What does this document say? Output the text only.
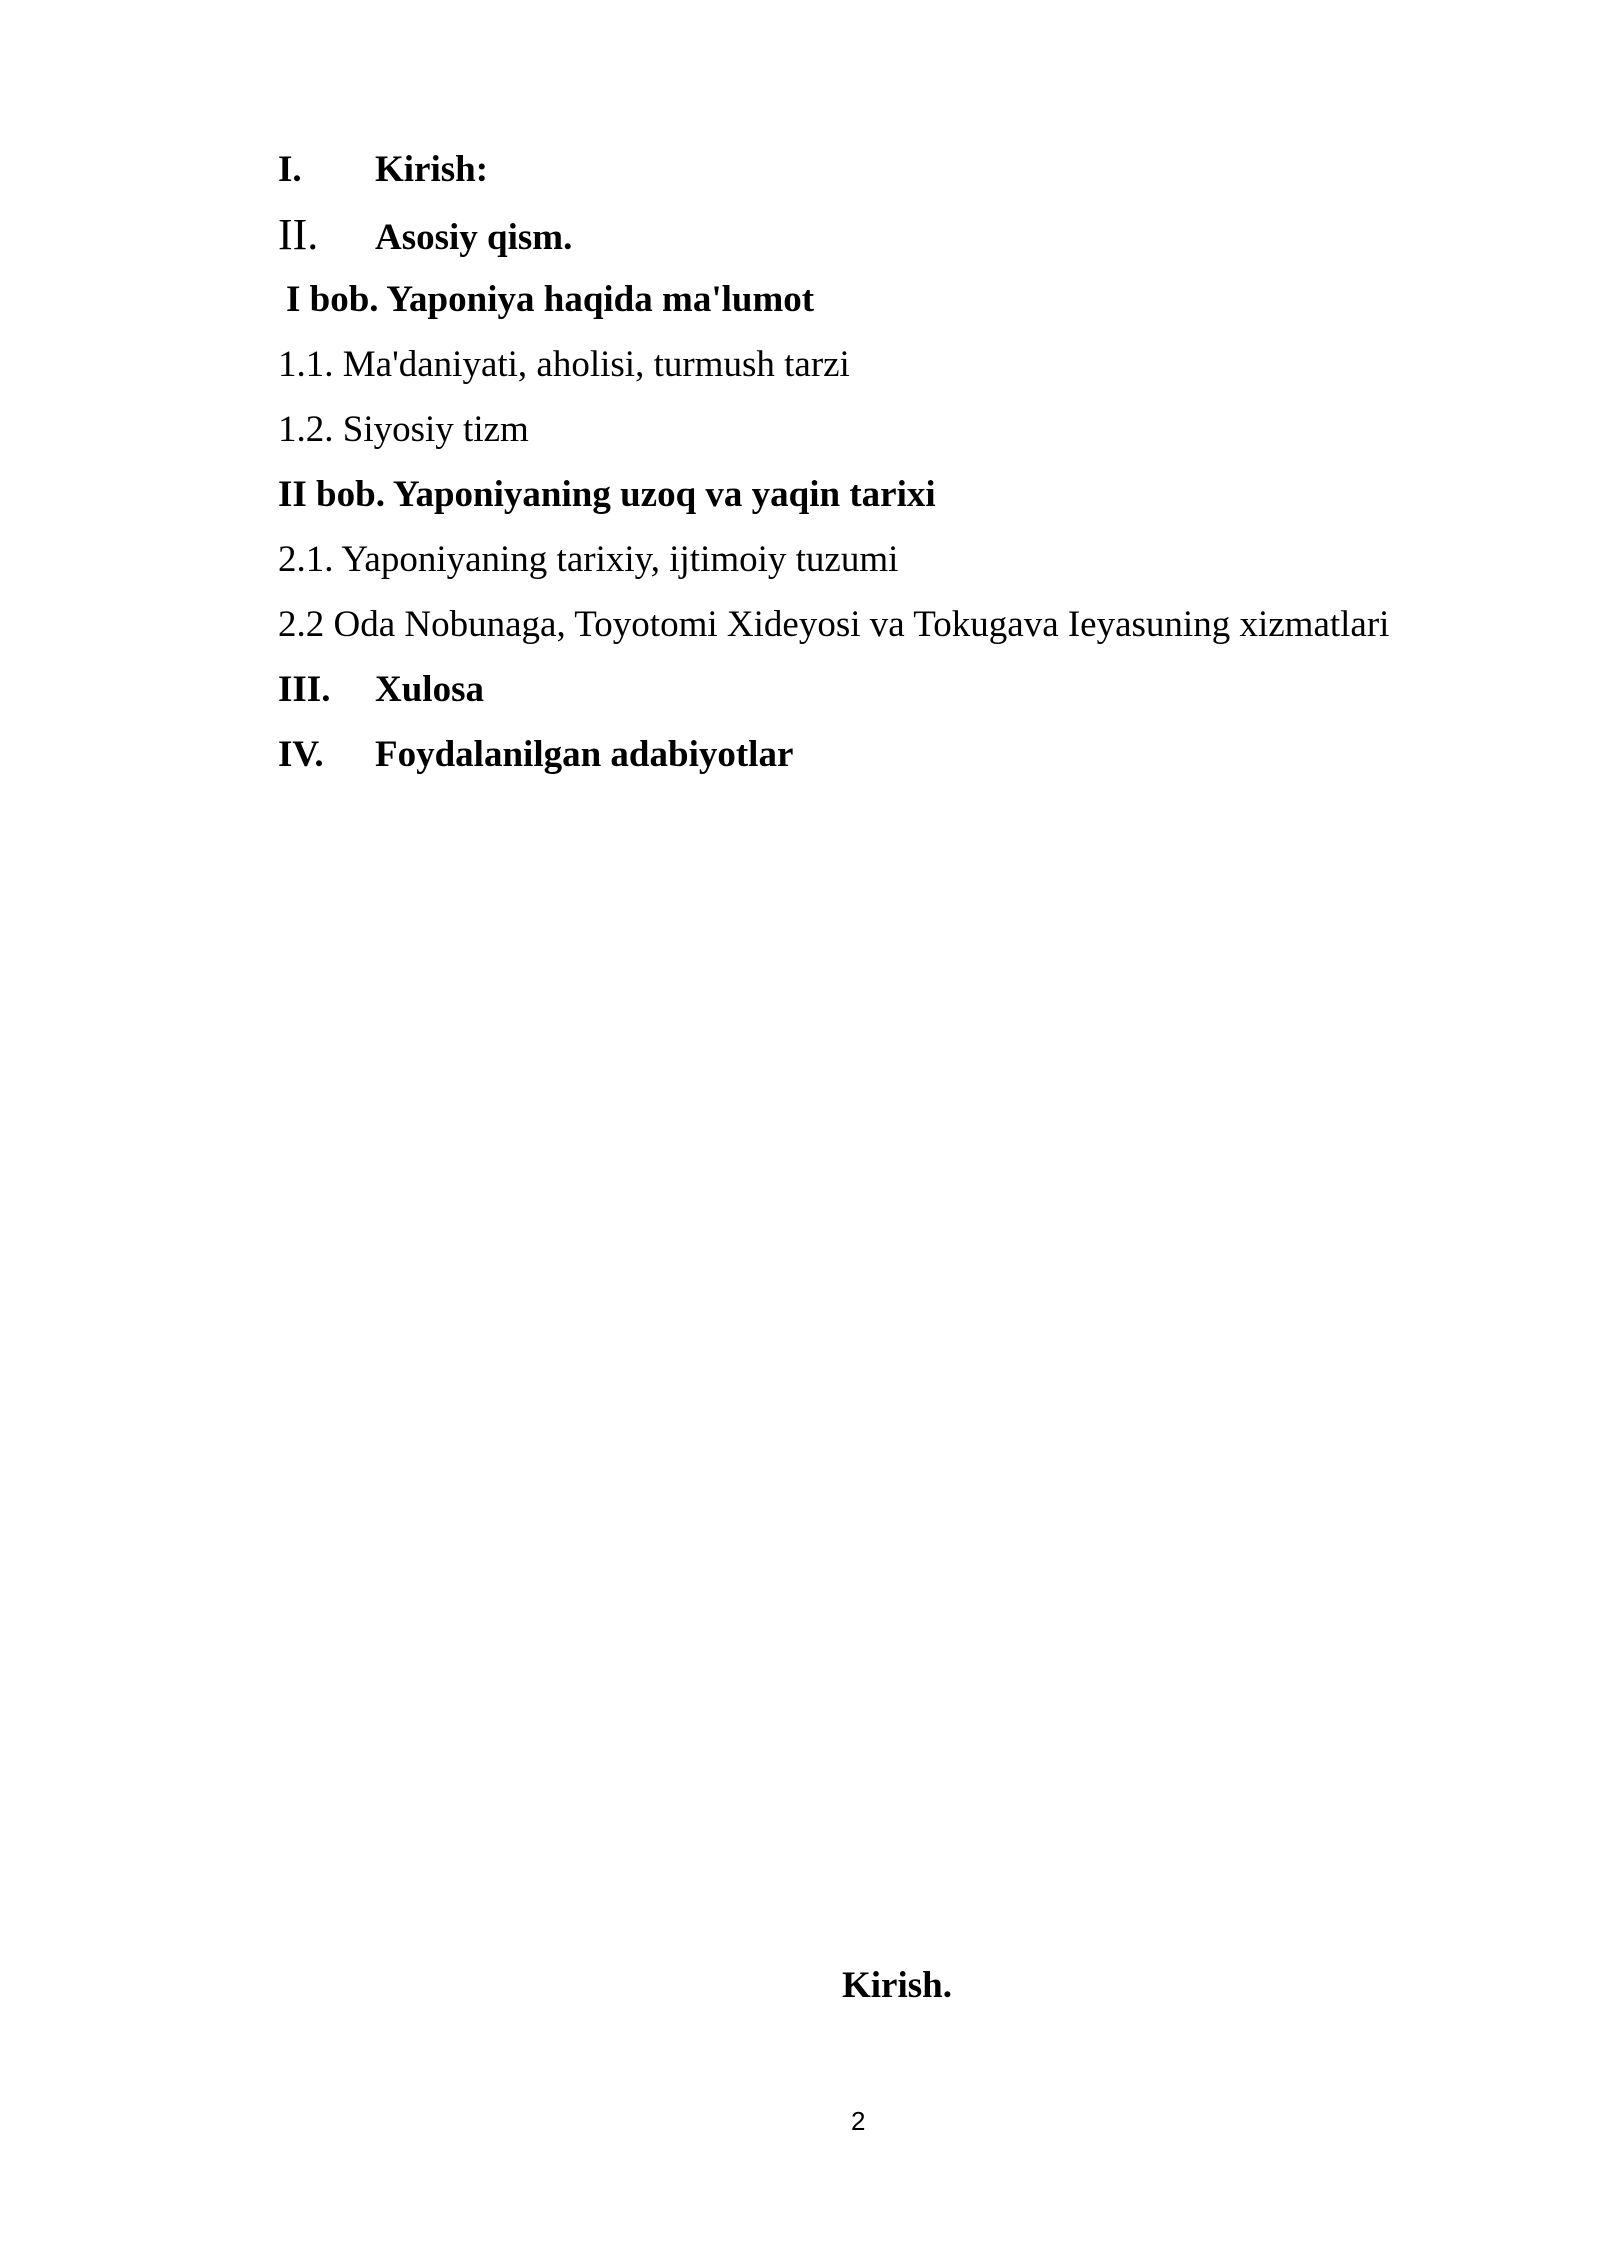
I. Kirish:
II. Asosiy qism.
I bob. Yaponiya haqida ma'lumot
1.1. Ma'daniyati, aholisi, turmush tarzi
1.2. Siyosiy tizm
II bob. Yaponiyaning uzoq va yaqin tarixi
2.1. Yaponiyaning tarixiy, ijtimoiy tuzumi
2.2 Oda Nobunaga, Toyotomi Xideyosi va Tokugava Ieyasuning xizmatlari
III. Xulosa
IV. Foydalanilgan adabiyotlar
Kirish.
2
